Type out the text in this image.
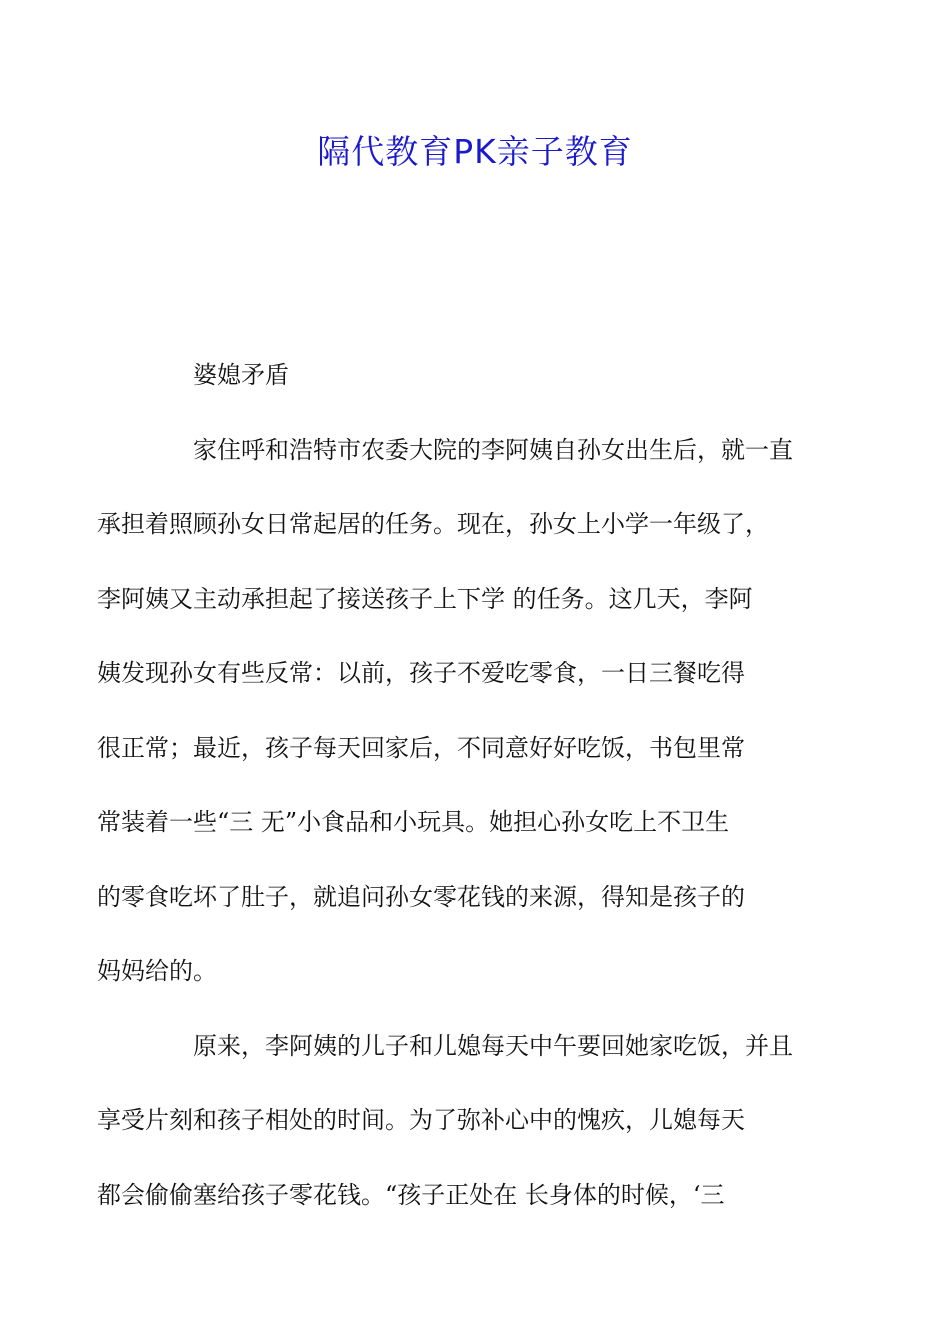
隔代教育PK亲子教育

婆媳矛盾

家住呼和浩特市农委大院的李阿姨自孙女出生后，就一直
承担着照顾孙女日常起居的任务。现在，孙女上小学一年级了，
李阿姨又主动承担起了接送孩子上下学 的任务。这几天，李阿
姨发现孙女有些反常：以前，孩子不爱吃零食，一日三餐吃得
很正常；最近，孩子每天回家后，不同意好好吃饭，书包里常
常装着一些“三 无”小食品和小玩具。她担心孙女吃上不卫生
的零食吃坏了肚子，就追问孙女零花钱的来源，得知是孩子的
妈妈给的。

原来，李阿姨的儿子和儿媳每天中午要回她家吃饭，并且
享受片刻和孩子相处的时间。为了弥补心中的愧疚，儿媳每天
都会偷偷塞给孩子零花钱。“孩子正处在 长身体的时候，‘三
